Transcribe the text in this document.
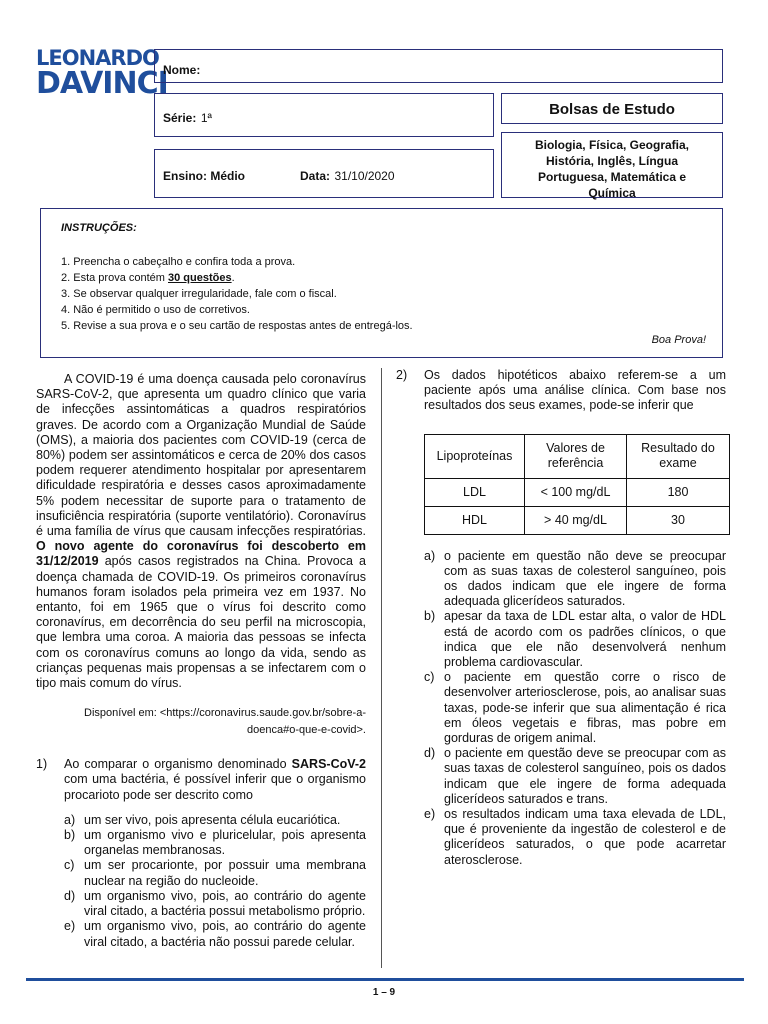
LEONARDO
DAVINCI
Nome:
Série: 1ª	Bolsas de Estudo
Biologia, Física, Geografia, História, Inglês, Língua Portuguesa, Matemática e Química
Ensino: Médio	Data: 31/10/2020
INSTRUÇÕES:
1. Preencha o cabeçalho e confira toda a prova.
2. Esta prova contém 30 questões.
3. Se observar qualquer irregularidade, fale com o fiscal.
4. Não é permitido o uso de corretivos.
5. Revise a sua prova e o seu cartão de respostas antes de entregá-los.
Boa Prova!

A COVID-19 é uma doença causada pelo coronavírus SARS-CoV-2, que apresenta um quadro clínico que varia de infecções assintomáticas a quadros respiratórios graves. De acordo com a Organização Mundial de Saúde (OMS), a maioria dos pacientes com COVID-19 (cerca de 80%) podem ser assintomáticos e cerca de 20% dos casos podem requerer atendimento hospitalar por apresentarem dificuldade respiratória e desses casos aproximadamente 5% podem necessitar de suporte para o tratamento de insuficiência respiratória (suporte ventilatório). Coronavírus é uma família de vírus que causam infecções respiratórias. O novo agente do coronavírus foi descoberto em 31/12/2019 após casos registrados na China. Provoca a doença chamada de COVID-19. Os primeiros coronavírus humanos foram isolados pela primeira vez em 1937. No entanto, foi em 1965 que o vírus foi descrito como coronavírus, em decorrência do seu perfil na microscopia, que lembra uma coroa. A maioria das pessoas se infecta com os coronavírus comuns ao longo da vida, sendo as crianças pequenas mais propensas a se infectarem com o tipo mais comum do vírus.

Disponível em: <https://coronavirus.saude.gov.br/sobre-a-doenca#o-que-e-covid>.

1) Ao comparar o organismo denominado SARS-CoV-2 com uma bactéria, é possível inferir que o organismo procarioto pode ser descrito como

a) um ser vivo, pois apresenta célula eucariótica.
b) um organismo vivo e pluricelular, pois apresenta organelas membranosas.
c) um ser procarionte, por possuir uma membrana nuclear na região do nucleoide.
d) um organismo vivo, pois, ao contrário do agente viral citado, a bactéria possui metabolismo próprio.
e) um organismo vivo, pois, ao contrário do agente viral citado, a bactéria não possui parede celular.
2) Os dados hipotéticos abaixo referem-se a um paciente após uma análise clínica. Com base nos resultados dos seus exames, pode-se inferir que

Lipoproteínas	Valores de referência	Resultado do exame
LDL	< 100 mg/dL	180
HDL	> 40 mg/dL	30
a) o paciente em questão não deve se preocupar com as suas taxas de colesterol sanguíneo, pois os dados indicam que ele ingere de forma adequada glicerídeos saturados.
b) apesar da taxa de LDL estar alta, o valor de HDL está de acordo com os padrões clínicos, o que indica que ele não desenvolverá nenhum problema cardiovascular.
c) o paciente em questão corre o risco de desenvolver arteriosclerose, pois, ao analisar suas taxas, pode-se inferir que sua alimentação é rica em óleos vegetais e fibras, mas pobre em gorduras de origem animal.
d) o paciente em questão deve se preocupar com as suas taxas de colesterol sanguíneo, pois os dados indicam que ele ingere de forma adequada glicerídeos saturados e trans.
e) os resultados indicam uma taxa elevada de LDL, que é proveniente da ingestão de colesterol e de glicerídeos saturados, o que pode acarretar aterosclerose.
1 – 9
